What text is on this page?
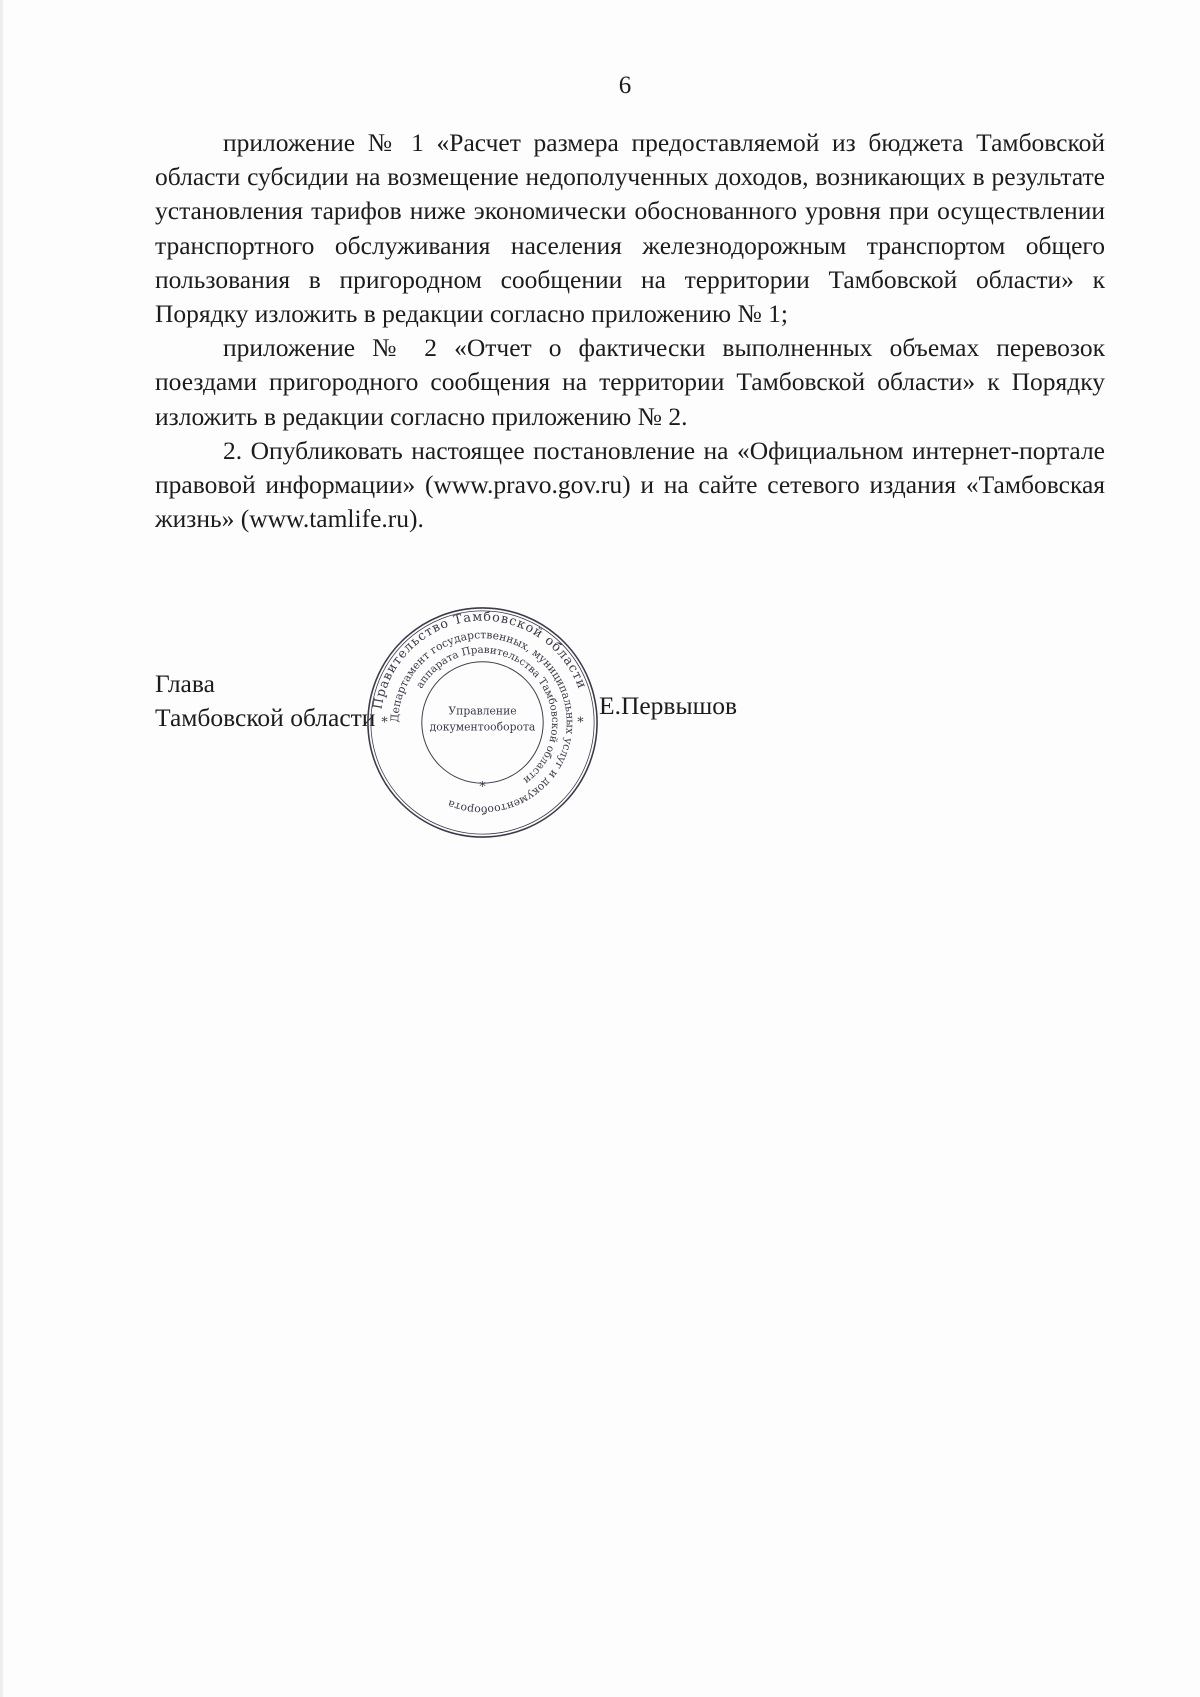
6

приложение № 1 «Расчет размера предоставляемой из бюджета Тамбовской области субсидии на возмещение недополученных доходов, возникающих в результате установления тарифов ниже экономически обоснованного уровня при осуществлении транспортного обслуживания населения железнодорожным транспортом общего пользования в пригородном сообщении на территории Тамбовской области» к Порядку изложить в редакции согласно приложению № 1;

приложение № 2 «Отчет о фактически выполненных объемах перевозок поездами пригородного сообщения на территории Тамбовской области» к Порядку изложить в редакции согласно приложению № 2.

2. Опубликовать настоящее постановление на «Официальном интернет-портале правовой информации» (www.pravo.gov.ru) и на сайте сетевого издания «Тамбовская жизнь» (www.tamlife.ru).

Глава
Тамбовской области	Е.Первышов
Правительство Тамбовской области
Департамент государственных, муниципальных услуг и документооборота
аппарата Правительства Тамбовской области
Управление
документооборота
*	*
*
